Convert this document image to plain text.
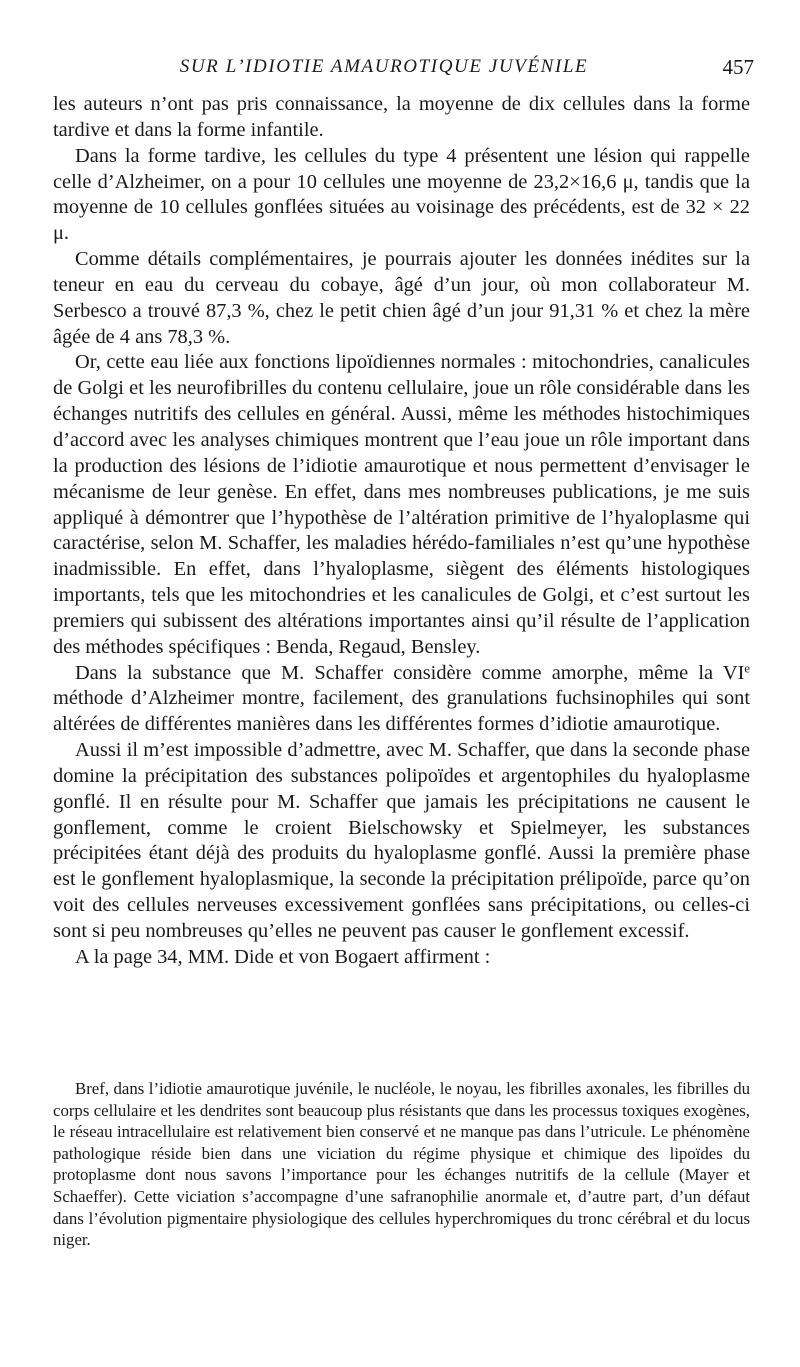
SUR L’IDIOTIE AMAUROTIQUE JUVÉNILE	457

les auteurs n’ont pas pris connaissance, la moyenne de dix cellules dans la forme tardive et dans la forme infantile.

Dans la forme tardive, les cellules du type 4 présentent une lésion qui rappelle celle d’Alzheimer, on a pour 10 cellules une moyenne de 23,2×16,6 μ, tandis que la moyenne de 10 cellules gonflées situées au voisinage des précédents, est de 32 × 22 μ.

Comme détails complémentaires, je pourrais ajouter les données inédites sur la teneur en eau du cerveau du cobaye, âgé d’un jour, où mon collaborateur M. Serbesco a trouvé 87,3 %, chez le petit chien âgé d’un jour 91,31 % et chez la mère âgée de 4 ans 78,3 %.

Or, cette eau liée aux fonctions lipoïdiennes normales : mitochondries, canalicules de Golgi et les neurofibrilles du contenu cellulaire, joue un rôle considérable dans les échanges nutritifs des cellules en général. Aussi, même les méthodes histochimiques d’accord avec les analyses chimiques montrent que l’eau joue un rôle important dans la production des lésions de l’idiotie amaurotique et nous permettent d’envisager le mécanisme de leur genèse. En effet, dans mes nombreuses publications, je me suis appliqué à démontrer que l’hypothèse de l’altération primitive de l’hyaloplasme qui caractérise, selon M. Schaffer, les maladies hérédo-familiales n’est qu’une hypothèse inadmissible. En effet, dans l’hyaloplasme, siègent des éléments histologiques importants, tels que les mitochondries et les canalicules de Golgi, et c’est surtout les premiers qui subissent des altérations importantes ainsi qu’il résulte de l’application des méthodes spécifiques : Benda, Regaud, Bensley.

Dans la substance que M. Schaffer considère comme amorphe, même la VIe méthode d’Alzheimer montre, facilement, des granulations fuchsinophiles qui sont altérées de différentes manières dans les différentes formes d’idiotie amaurotique.

Aussi il m’est impossible d’admettre, avec M. Schaffer, que dans la seconde phase domine la précipitation des substances polipoïdes et argentophiles du hyaloplasme gonflé. Il en résulte pour M. Schaffer que jamais les précipitations ne causent le gonflement, comme le croient Bielschowsky et Spielmeyer, les substances précipitées étant déjà des produits du hyaloplasme gonflé. Aussi la première phase est le gonflement hyaloplasmique, la seconde la précipitation prélipoïde, parce qu’on voit des cellules nerveuses excessivement gonflées sans précipitations, ou celles-ci sont si peu nombreuses qu’elles ne peuvent pas causer le gonflement excessif.

A la page 34, MM. Dide et von Bogaert affirment :

Bref, dans l’idiotie amaurotique juvénile, le nucléole, le noyau, les fibrilles axonales, les fibrilles du corps cellulaire et les dendrites sont beaucoup plus résistants que dans les processus toxiques exogènes, le réseau intracellulaire est relativement bien conservé et ne manque pas dans l’utricule. Le phénomène pathologique réside bien dans une viciation du régime physique et chimique des lipoïdes du protoplasme dont nous savons l’importance pour les échanges nutritifs de la cellule (Mayer et Schaeffer). Cette viciation s’accompagne d’une safranophilie anormale et, d’autre part, d’un défaut dans l’évolution pigmentaire physiologique des cellules hyperchromiques du tronc cérébral et du locus niger.
